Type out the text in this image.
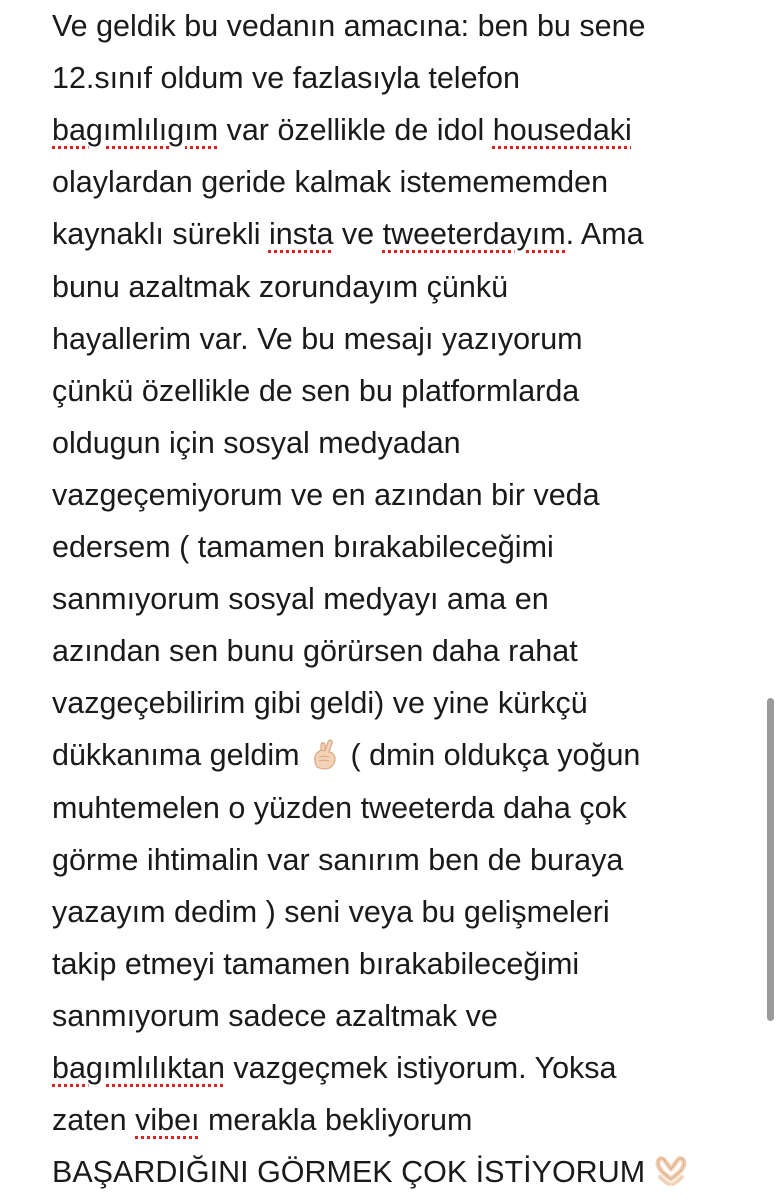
Ve geldik bu vedanın amacına: ben bu sene
12.sınıf oldum ve fazlasıyla telefon
bagımlılıgım var özellikle de idol housedaki
olaylardan geride kalmak istemememden
kaynaklı sürekli insta ve tweeterdayım. Ama
bunu azaltmak zorundayım çünkü
hayallerim var. Ve bu mesajı yazıyorum
çünkü özellikle de sen bu platformlarda
oldugun için sosyal medyadan
vazgeçemiyorum ve en azından bir veda
edersem ( tamamen bırakabileceğimi
sanmıyorum sosyal medyayı ama en
azından sen bunu görürsen daha rahat
vazgeçebilirim gibi geldi) ve yine kürkçü
dükkanıma geldim  ( dmin oldukça yoğun
muhtemelen o yüzden tweeterda daha çok
görme ihtimalin var sanırım ben de buraya
yazayım dedim ) seni veya bu gelişmeleri
takip etmeyi tamamen bırakabileceğimi
sanmıyorum sadece azaltmak ve
bagımlılıktan vazgeçmek istiyorum. Yoksa
zaten vibeı merakla bekliyorum
BAŞARDIĞINI GÖRMEK ÇOK İSTİYORUM
